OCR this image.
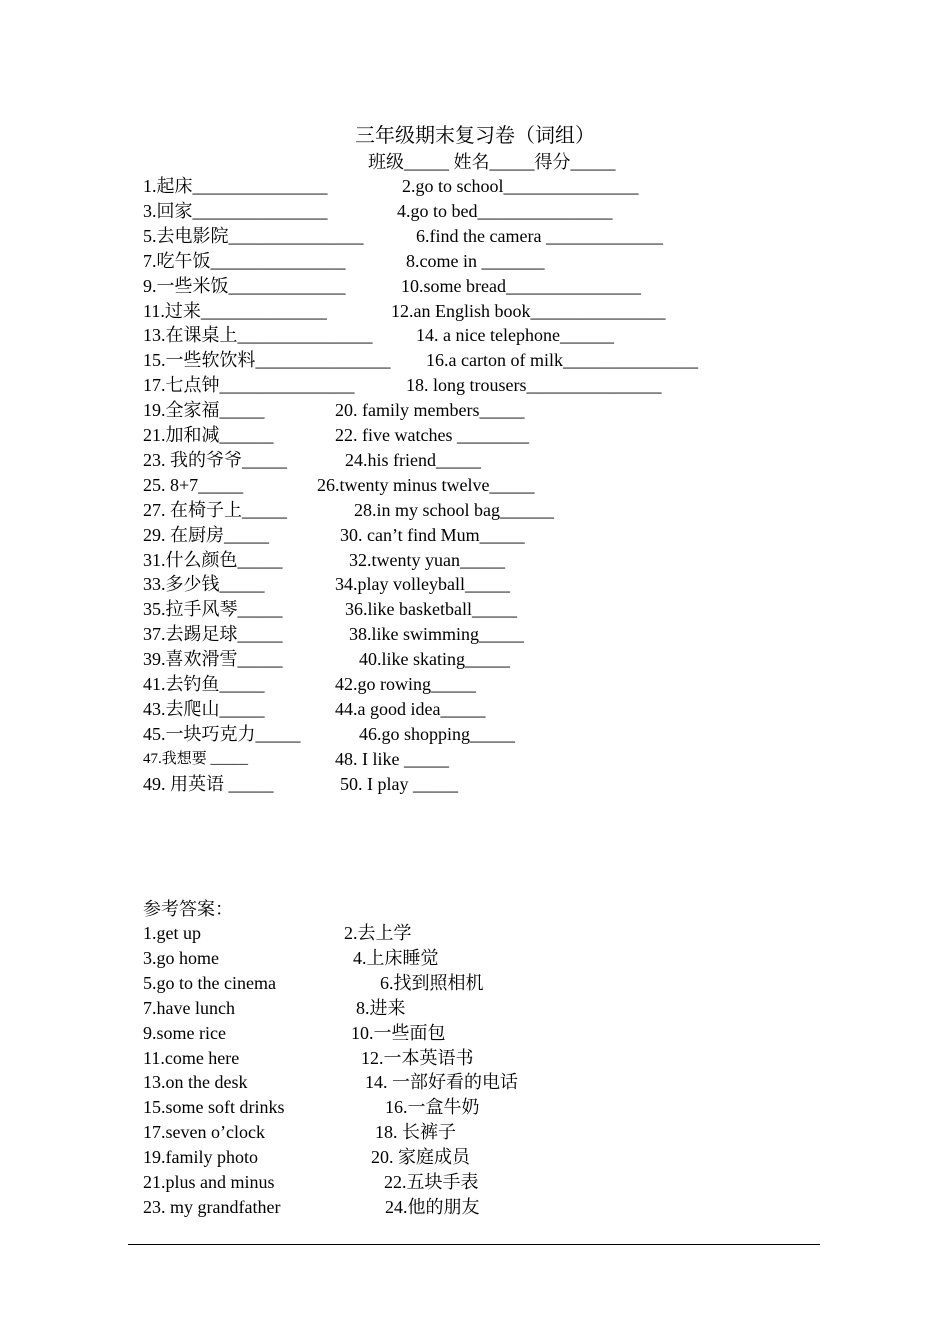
三年级期末复习卷（词组）
班级_____ 姓名_____得分_____
1.起床_______________	2.go to school_______________
3.回家_______________	4.go to bed_______________
5.去电影院_______________	6.find the camera _____________
7.吃午饭_______________	8.come in _______
9.一些米饭_____________	10.some bread_______________
11.过来______________	12.an English book_______________
13.在课桌上_______________ 14. a nice telephone______
15.一些软饮料_______________ 16.a carton of milk_______________
17.七点钟_______________	18. long trousers_______________
19.全家福_____	20. family members_____
21.加和减______	22. five watches ________
23. 我的爷爷_____	24.his friend_____
25. 8+7_____	26.twenty minus twelve_____
27. 在椅子上_____	28.in my school bag______
29. 在厨房_____	30. can’t find Mum_____
31.什么颜色_____	32.twenty yuan_____
33.多少钱_____	34.play volleyball_____
35.拉手风琴_____	36.like basketball_____
37.去踢足球_____	38.like swimming_____
39.喜欢滑雪_____	40.like skating_____
41.去钓鱼_____	42.go rowing_____
43.去爬山_____	44.a good idea_____
45.一块巧克力_____	46.go shopping_____
47.我想要 _____	48. I like _____
49. 用英语 _____	50. I play _____
参考答案：
1.get up	2.去上学
3.go home	4.上床睡觉
5.go to the cinema	6.找到照相机
7.have lunch	8.进来
9.some rice	10.一些面包
11.come here	12.一本英语书
13.on the desk	14. 一部好看的电话
15.some soft drinks	16.一盒牛奶
17.seven o’clock	18. 长裤子
19.family photo	20. 家庭成员
21.plus and minus	22.五块手表
23. my grandfather	24.他的朋友
